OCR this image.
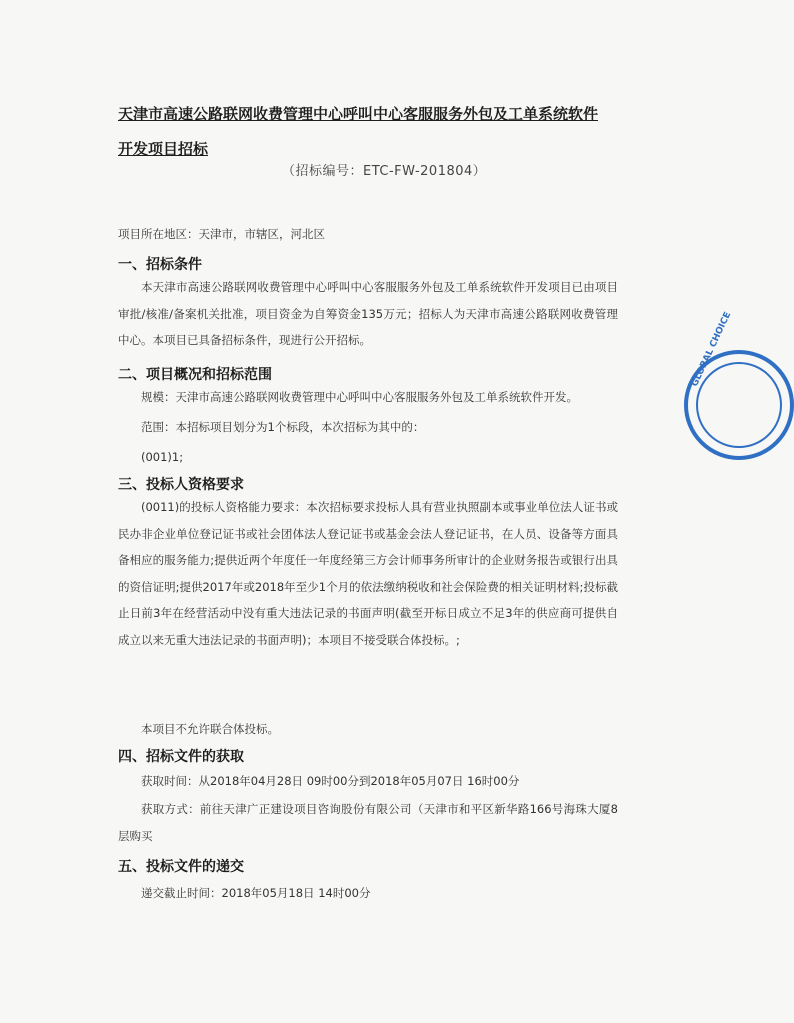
天津市高速公路联网收费管理中心呼叫中心客服服务外包及工单系统软件
开发项目招标
（招标编号：ETC-FW-201804）
项目所在地区：天津市，市辖区，河北区
一、招标条件
本天津市高速公路联网收费管理中心呼叫中心客服服务外包及工单系统软件开发项目已由项目审批/核准/备案机关批准，项目资金为自筹资金135万元；招标人为天津市高速公路联网收费管理中心。本项目已具备招标条件，现进行公开招标。
二、项目概况和招标范围
规模：天津市高速公路联网收费管理中心呼叫中心客服服务外包及工单系统软件开发。
范围：本招标项目划分为1个标段，本次招标为其中的：
(001)1;
三、投标人资格要求
(0011)的投标人资格能力要求：本次招标要求投标人具有营业执照副本或事业单位法人证书或民办非企业单位登记证书或社会团体法人登记证书或基金会法人登记证书，在人员、设备等方面具备相应的服务能力;提供近两个年度任一年度经第三方会计师事务所审计的企业财务报告或银行出具的资信证明;提供2017年或2018年至少1个月的依法缴纳税收和社会保险费的相关证明材料;投标截止日前3年在经营活动中没有重大违法记录的书面声明(截至开标日成立不足3年的供应商可提供自成立以来无重大违法记录的书面声明)；本项目不接受联合体投标。;
本项目不允许联合体投标。
四、招标文件的获取
获取时间：从2018年04月28日 09时00分到2018年05月07日 16时00分
获取方式：前往天津广正建设项目咨询股份有限公司（天津市和平区新华路166号海珠大厦8层购买
五、投标文件的递交
递交截止时间：2018年05月18日 14时00分
GLOBAL CHOICE
